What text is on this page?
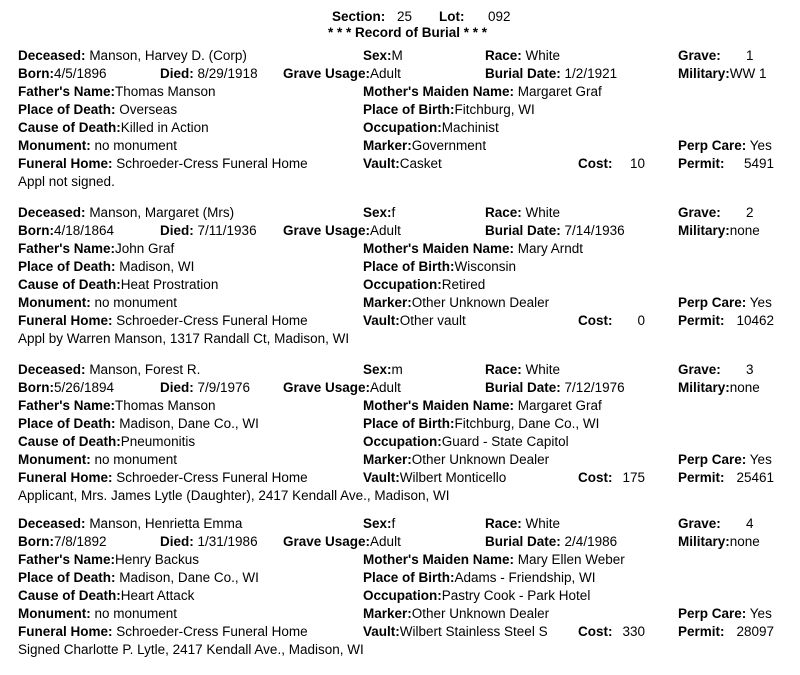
Section: 25 Lot: 092
* * * Record of Burial * * *
Deceased: Manson, Harvey D. (Corp)	Sex:M	Race: White	Grave: 1
Born:4/5/1896	Died: 8/29/1918 Grave Usage:Adult	Burial Date: 1/2/1921	Military:WW 1
Father's Name:Thomas Manson	Mother's Maiden Name: Margaret Graf
Place of Death: Overseas	Place of Birth:Fitchburg, WI
Cause of Death:Killed in Action	Occupation:Machinist
Monument: no monument	Marker:Government	Perp Care: Yes
Funeral Home: Schroeder-Cress Funeral Home	Vault:Casket	Cost:	10 Permit:	5491
Appl not signed.
Deceased: Manson, Margaret (Mrs)	Sex:f	Race: White	Grave: 2
Born:4/18/1864	Died: 7/11/1936 Grave Usage:Adult	Burial Date: 7/14/1936	Military:none
Father's Name:John Graf	Mother's Maiden Name: Mary Arndt
Place of Death: Madison, WI	Place of Birth:Wisconsin
Cause of Death:Heat Prostration	Occupation:Retired
Monument: no monument	Marker:Other Unknown Dealer	Perp Care: Yes
Funeral Home: Schroeder-Cress Funeral Home	Vault:Other vault	Cost:	0 Permit: 10462
Appl by Warren Manson, 1317 Randall Ct, Madison, WI
Deceased: Manson, Forest R.	Sex:m	Race: White	Grave: 3
Born:5/26/1894	Died: 7/9/1976 Grave Usage:Adult	Burial Date: 7/12/1976	Military:none
Father's Name:Thomas Manson	Mother's Maiden Name: Margaret Graf
Place of Death: Madison, Dane Co., WI	Place of Birth:Fitchburg, Dane Co., WI
Cause of Death:Pneumonitis	Occupation:Guard - State Capitol
Monument: no monument	Marker:Other Unknown Dealer	Perp Care: Yes
Funeral Home: Schroeder-Cress Funeral Home	Vault:Wilbert Monticello	Cost: 175 Permit: 25461
Applicant, Mrs. James Lytle (Daughter), 2417 Kendall Ave., Madison, WI
Deceased: Manson, Henrietta Emma	Sex:f	Race: White	Grave: 4
Born:7/8/1892	Died: 1/31/1986 Grave Usage:Adult	Burial Date: 2/4/1986	Military:none
Father's Name:Henry Backus	Mother's Maiden Name: Mary Ellen Weber
Place of Death: Madison, Dane Co., WI	Place of Birth:Adams - Friendship, WI
Cause of Death:Heart Attack	Occupation:Pastry Cook - Park Hotel
Monument: no monument	Marker:Other Unknown Dealer	Perp Care: Yes
Funeral Home: Schroeder-Cress Funeral Home	Vault:Wilbert Stainless Steel S	Cost: 330 Permit: 28097
Signed Charlotte P. Lytle, 2417 Kendall Ave., Madison, WI
